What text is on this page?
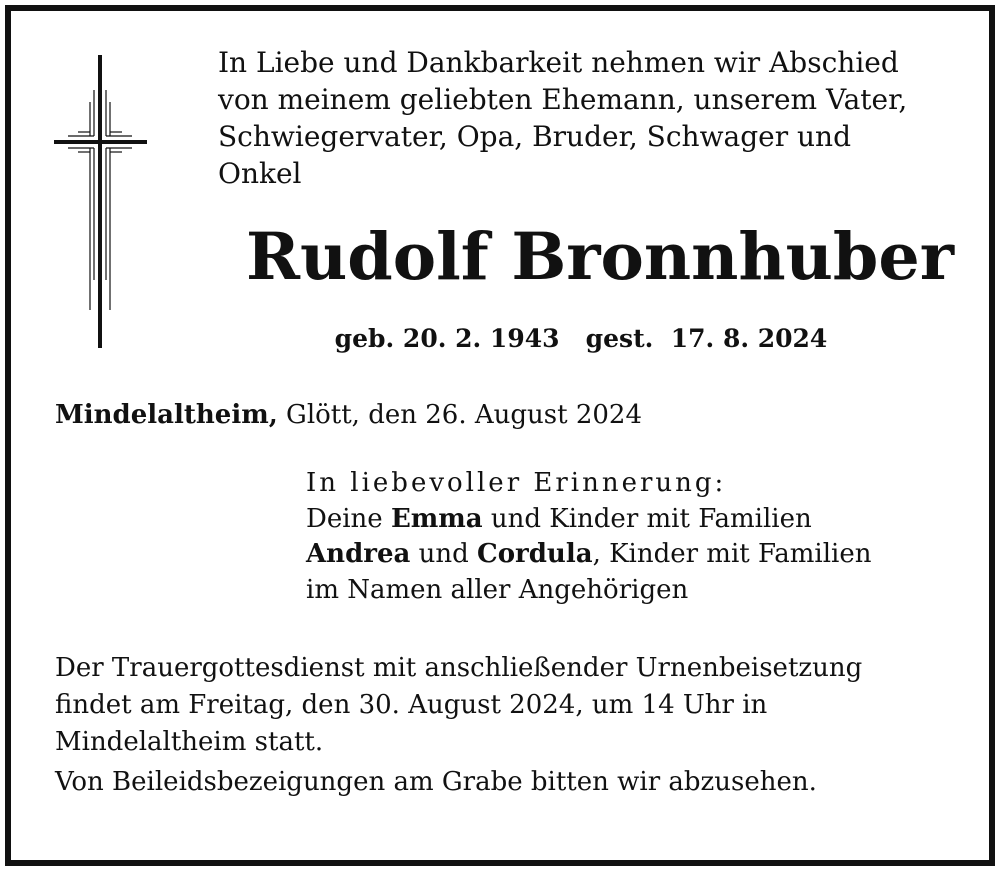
In Liebe und Dankbarkeit nehmen wir Abschied
von meinem geliebten Ehemann, unserem Vater,
Schwiegervater, Opa, Bruder, Schwager und
Onkel
Rudolf Bronnhuber
geb. 20. 2. 1943   gest.  17. 8. 2024
Mindelaltheim, Glött, den 26. August 2024
In liebevoller Erinnerung:
Deine Emma und Kinder mit Familien
Andrea und Cordula, Kinder mit Familien
im Namen aller Angehörigen
Der Trauergottesdienst mit anschließender Urnenbeisetzung
findet am Freitag, den 30. August 2024, um 14 Uhr in
Mindelaltheim statt.
Von Beileidsbezeigungen am Grabe bitten wir abzusehen.
